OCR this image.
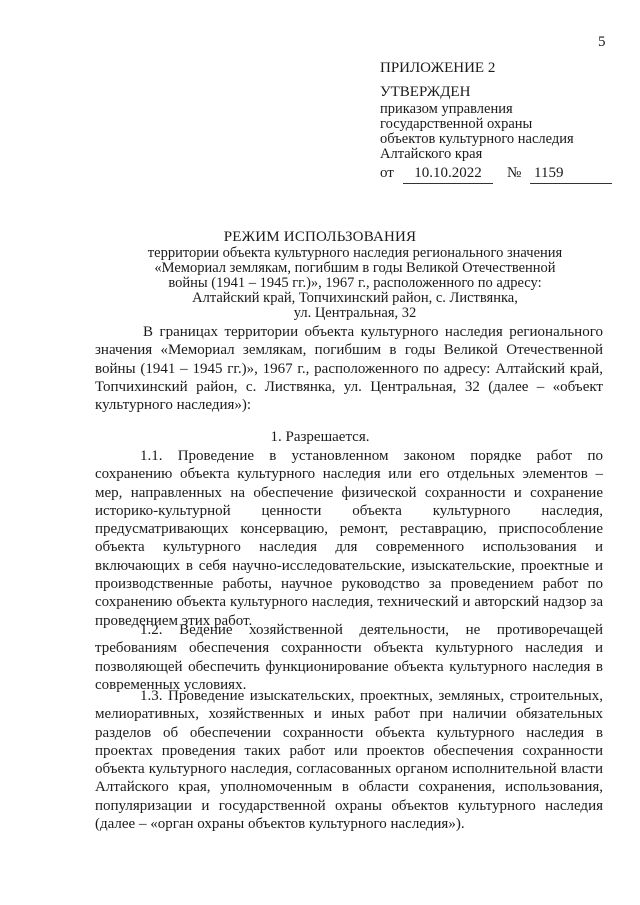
5
ПРИЛОЖЕНИЕ 2
УТВЕРЖДЕН
приказом управления
государственной охраны
объектов культурного наследия
Алтайского края
от	10.10.2022	№ 1159
РЕЖИМ ИСПОЛЬЗОВАНИЯ
территории объекта культурного наследия регионального значения
«Мемориал землякам, погибшим в годы Великой Отечественной
войны (1941 – 1945 гг.)», 1967 г., расположенного по адресу:
Алтайский край, Топчихинский район, с. Листвянка,
ул. Центральная, 32

В границах территории объекта культурного наследия регионального значения «Мемориал землякам, погибшим в годы Великой Отечественной войны (1941 – 1945 гг.)», 1967 г., расположенного по адресу: Алтайский край, Топчихинский район, с. Листвянка, ул. Центральная, 32 (далее – «объект культурного наследия»):

1. Разрешается.

1.1. Проведение в установленном законом порядке работ по сохранению объекта культурного наследия или его отдельных элементов – мер, направленных на обеспечение физической сохранности и сохранение историко-культурной ценности объекта культурного наследия, предусматривающих консервацию, ремонт, реставрацию, приспособление объекта культурного наследия для современного использования и включающих в себя научно-исследовательские, изыскательские, проектные и производственные работы, научное руководство за проведением работ по сохранению объекта культурного наследия, технический и авторский надзор за проведением этих работ.

1.2. Ведение хозяйственной деятельности, не противоречащей требованиям обеспечения сохранности объекта культурного наследия и позволяющей обеспечить функционирование объекта культурного наследия в современных условиях.

1.3. Проведение изыскательских, проектных, земляных, строительных, мелиоративных, хозяйственных и иных работ при наличии обязательных разделов об обеспечении сохранности объекта культурного наследия в проектах проведения таких работ или проектов обеспечения сохранности объекта культурного наследия, согласованных органом исполнительной власти Алтайского края, уполномоченным в области сохранения, использования, популяризации и государственной охраны объектов культурного наследия (далее – «орган охраны объектов культурного наследия»).
